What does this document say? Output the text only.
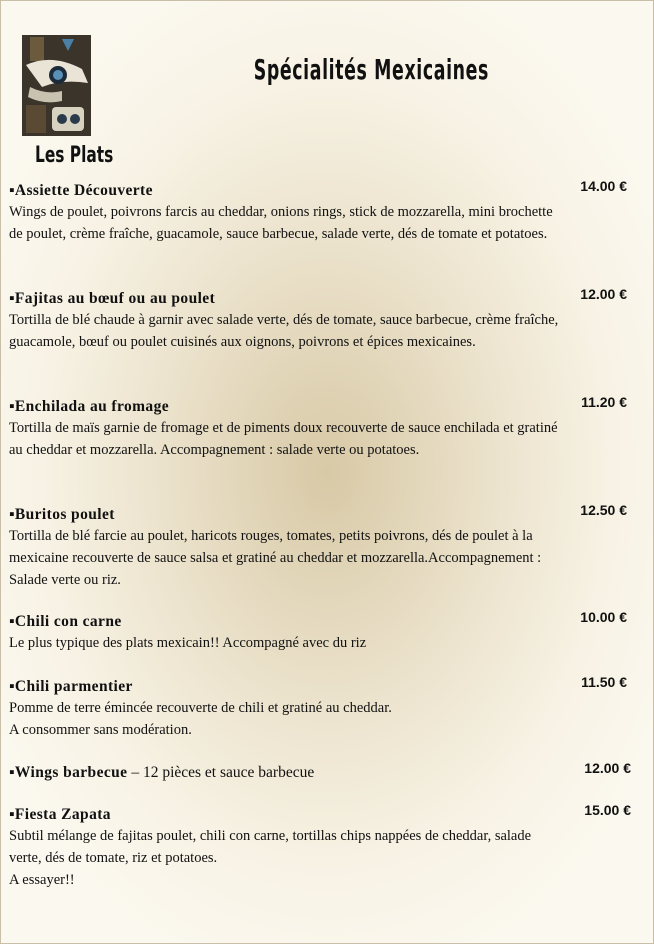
Spécialités Mexicaines
Les Plats
▪Assiette Découverte	14.00 €
Wings de poulet, poivrons farcis au cheddar, onions rings, stick de mozzarella, mini brochette de poulet, crème fraîche, guacamole, sauce barbecue, salade verte, dés de tomate et potatoes.
▪Fajitas au bœuf ou au poulet	12.00 €
Tortilla de blé chaude à garnir avec salade verte, dés de tomate, sauce barbecue, crème fraîche, guacamole, bœuf ou poulet cuisinés aux oignons, poivrons et épices mexicaines.
▪Enchilada au fromage	11.20 €
Tortilla de maïs garnie de fromage et de piments doux recouverte de sauce enchilada et gratiné au cheddar et mozzarella. Accompagnement : salade verte ou potatoes.
▪Buritos poulet	12.50 €
Tortilla de blé farcie au poulet, haricots rouges, tomates, petits poivrons, dés de poulet à la mexicaine recouverte de sauce salsa et gratiné au cheddar et mozzarella.Accompagnement : Salade verte ou riz.
▪Chili con carne	10.00 €
Le plus typique des plats mexicain!! Accompagné avec du riz
▪Chili parmentier	11.50 €
Pomme de terre émincée recouverte de chili et gratiné au cheddar.
A consommer sans modération.
▪Wings barbecue – 12 pièces et sauce barbecue	12.00 €
▪Fiesta Zapata	15.00 €
Subtil mélange de fajitas poulet, chili con carne, tortillas chips nappées de cheddar, salade verte, dés de tomate, riz et potatoes.
A essayer!!
